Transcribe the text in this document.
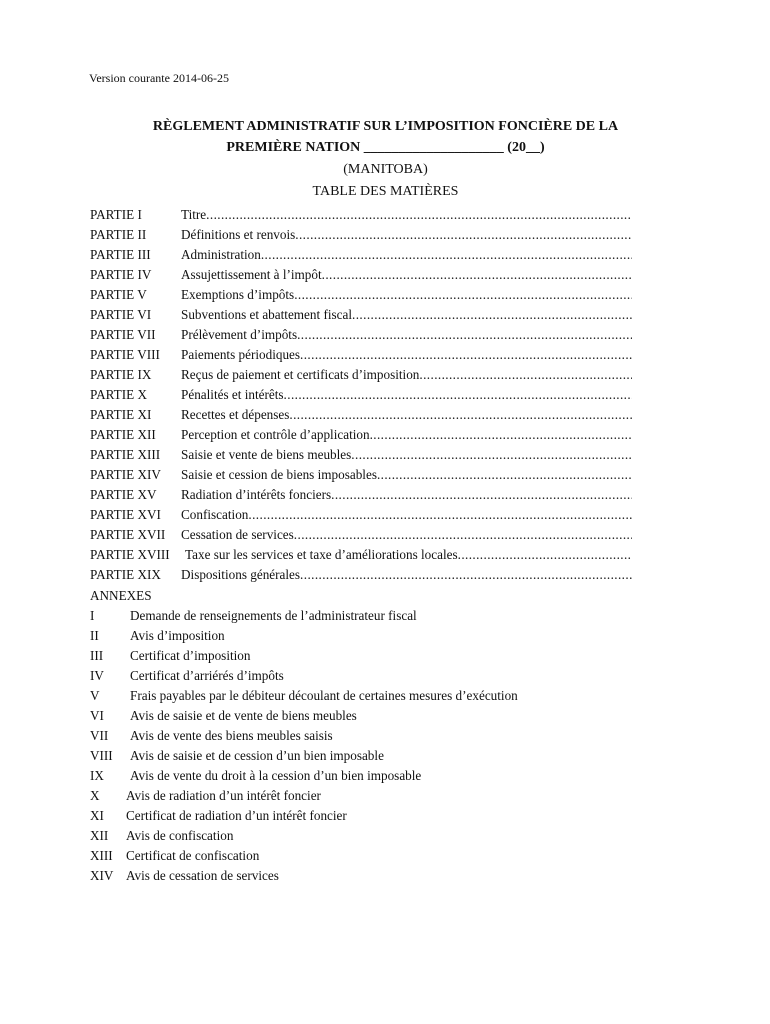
Version courante 2014-06-25
RÈGLEMENT ADMINISTRATIF SUR L’IMPOSITION FONCIÈRE DE LA
PREMIÈRE NATION ____________________ (20__)
(MANITOBA)
TABLE DES MATIÈRES
PARTIE I	Titre
.....
PARTIE II	Définitions et renvois
.....
PARTIE III	Administration
.....
PARTIE IV	Assujettissement à l’impôt
.....
PARTIE V	Exemptions d’impôts
.....
PARTIE VI	Subventions et abattement fiscal
.....
PARTIE VII	Prélèvement d’impôts
.....
PARTIE VIII	Paiements périodiques
.....
PARTIE IX	Reçus de paiement et certificats d’imposition
.....
PARTIE X	Pénalités et intérêts
.....
PARTIE XI	Recettes et dépenses
.....
PARTIE XII	Perception et contrôle d’application
.....
PARTIE XIII	Saisie et vente de biens meubles
.....
PARTIE XIV	Saisie et cession de biens imposables
.....
PARTIE XV	Radiation d’intérêts fonciers
.....
PARTIE XVI	Confiscation
.....
PARTIE XVII	Cessation de services
.....
PARTIE XVIII	Taxe sur les services et taxe d’améliorations locales
.....
PARTIE XIX	Dispositions générales
.....
ANNEXES
I	Demande de renseignements de l’administrateur fiscal
II Avis d’imposition
III Certificat d’imposition
IV Certificat d’arriérés d’impôts
V Frais payables par le débiteur découlant de certaines mesures d’exécution
VI Avis de saisie et de vente de biens meubles
VII Avis de vente des biens meubles saisis
VIII Avis de saisie et de cession d’un bien imposable
IX Avis de vente du droit à la cession d’un bien imposable
X Avis de radiation d’un intérêt foncier
XI Certificat de radiation d’un intérêt foncier
XII Avis de confiscation
XIII Certificat de confiscation
XIV Avis de cessation de services
